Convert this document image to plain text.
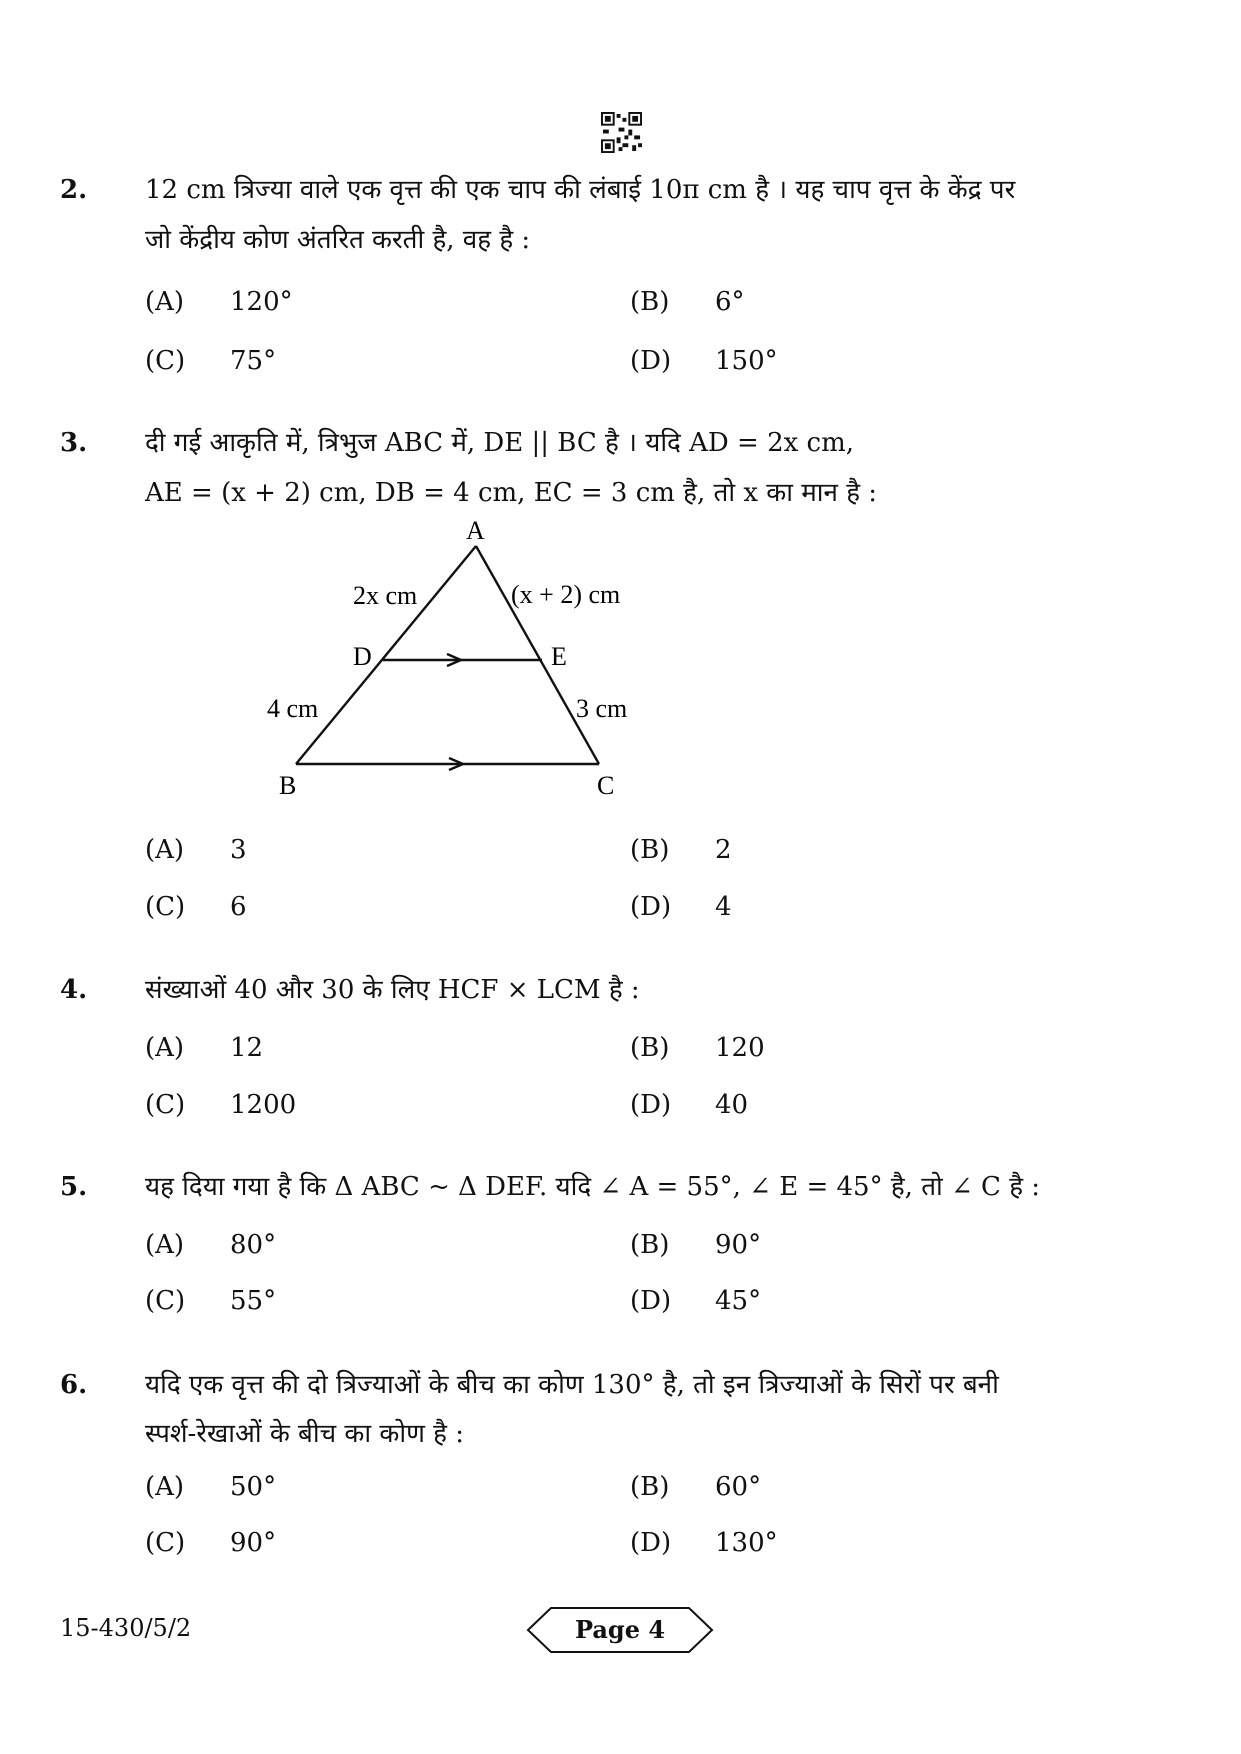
2. 12 cm त्रिज्या वाले एक वृत्त की एक चाप की लंबाई 10π cm है । यह चाप वृत्त के केंद्र पर
जो केंद्रीय कोण अंतरित करती है, वह है :
(A) 120°	(B) 6°
(C) 75°	(D) 150°
3. दी गई आकृति में, त्रिभुज ABC में, DE || BC है । यदि AD = 2x cm,
AE = (x + 2) cm, DB = 4 cm, EC = 3 cm है, तो x का मान है :
A
B	C
D	E
2x cm	(x + 2) cm
4 cm	3 cm
(A) 3	(B) 2
(C) 6	(D) 4
4. संख्याओं 40 और 30 के लिए HCF × LCM है :
(A) 12	(B) 120
(C) 1200	(D) 40
5. यह दिया गया है कि Δ ABC ~ Δ DEF. यदि ∠ A = 55°, ∠ E = 45° है, तो ∠ C है :
(A) 80°	(B) 90°
(C) 55°	(D) 45°
6. यदि एक वृत्त की दो त्रिज्याओं के बीच का कोण 130° है, तो इन त्रिज्याओं के सिरों पर बनी
स्पर्श-रेखाओं के बीच का कोण है :
(A) 50°	(B) 60°
(C) 90°	(D) 130°
15-430/5/2	Page 4
